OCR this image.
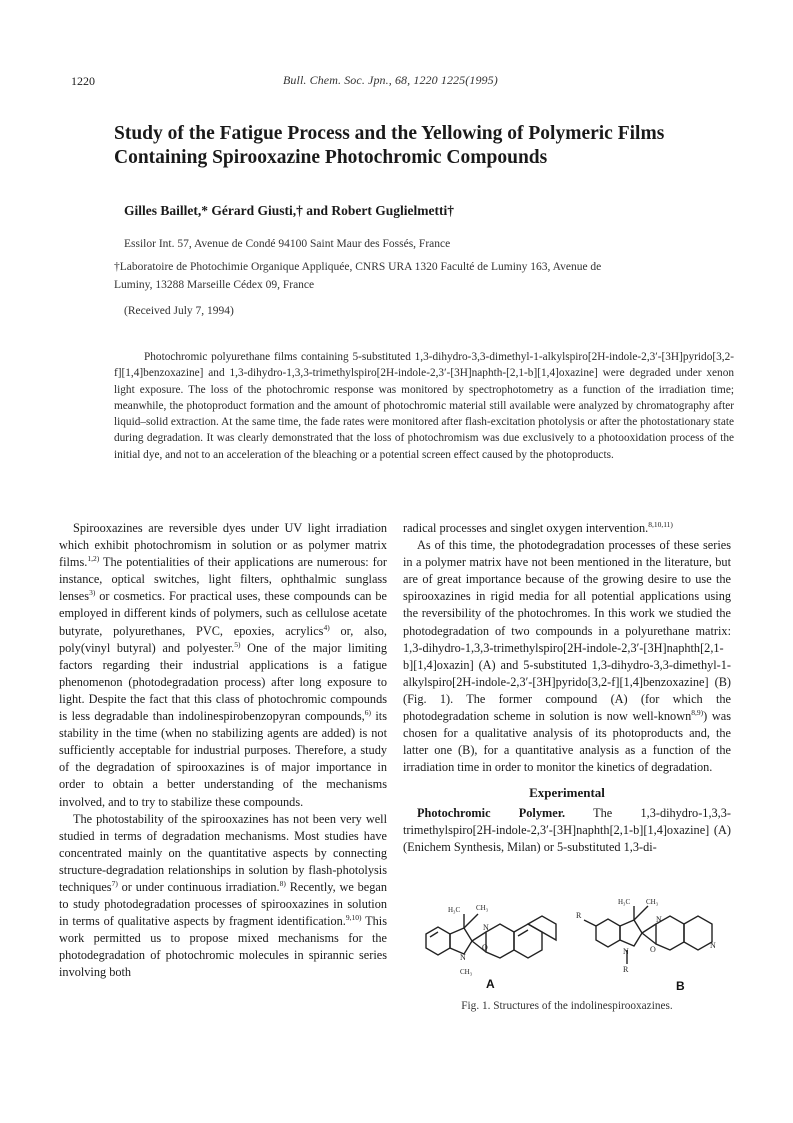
1220	Bull. Chem. Soc. Jpn., 68, 1220 1225(1995)
Study of the Fatigue Process and the Yellowing of Polymeric Films Containing Spirooxazine Photochromic Compounds
Gilles Baillet,* Gérard Giusti,† and Robert Guglielmetti†
Essilor Int. 57, Avenue de Condé 94100 Saint Maur des Fossés, France
†Laboratoire de Photochimie Organique Appliquée, CNRS URA 1320 Faculté de Luminy 163, Avenue de Luminy, 13288 Marseille Cédex 09, France
(Received July 7, 1994)
Photochromic polyurethane films containing 5-substituted 1,3-dihydro-3,3-dimethyl-1-alkylspiro[2H-indole-2,3′-[3H]pyrido[3,2-f][1,4]benzoxazine] and 1,3-dihydro-1,3,3-trimethylspiro[2H-indole-2,3′-[3H]naphth-[2,1-b][1,4]oxazine] were degraded under xenon light exposure. The loss of the photochromic response was monitored by spectrophotometry as a function of the irradiation time; meanwhile, the photoproduct formation and the amount of photochromic material still available were analyzed by chromatography after liquid–solid extraction. At the same time, the fade rates were monitored after flash-excitation photolysis or after the photostationary state during degradation. It was clearly demonstrated that the loss of photochromism was due exclusively to a photooxidation process of the initial dye, and not to an acceleration of the bleaching or a potential screen effect caused by the photoproducts.

Spirooxazines are reversible dyes under UV light irradiation which exhibit photochromism in solution or as polymer matrix films.$^{1,2)}$ The potentialities of their applications are numerous: for instance, optical switches, light filters, ophthalmic sunglass lenses$^{3)}$ or cosmetics. For practical uses, these compounds can be employed in different kinds of polymers, such as cellulose acetate butyrate, polyurethanes, PVC, epoxies, acrylics$^{4)}$ or, also, poly(vinyl butyral) and polyester.$^{5)}$ One of the major limiting factors regarding their industrial applications is a fatigue phenomenon (photodegradation process) after long exposure to light. Despite the fact that this class of photochromic compounds is less degradable than indolinespirobenzopyran compounds,$^{6)}$ its stability in the time (when no stabilizing agents are added) is not sufficiently acceptable for industrial purposes. Therefore, a study of the degradation of spirooxazines is of major importance in order to obtain a better understanding of the mechanisms involved, and to try to stabilize these compounds.

The photostability of the spirooxazines has not been very well studied in terms of degradation mechanisms. Most studies have concentrated mainly on the quantitative aspects by connecting structure-degradation relationships in solution by flash-photolysis techniques$^{7)}$ or under continuous irradiation.$^{8)}$ Recently, we began to study photodegradation processes of spirooxazines in solution in terms of qualitative aspects by fragment identification.$^{9,10)}$ This work permitted us to propose mixed mechanisms for the photodegradation of photochromic molecules in spirannic series involving both

radical processes and singlet oxygen intervention.$^{8,10,11)}$

As of this time, the photodegradation processes of these series in a polymer matrix have not been mentioned in the literature, but are of great importance because of the growing desire to use the spirooxazines in rigid media for all potential applications using the reversibility of the photochromes. In this work we studied the photodegradation of two compounds in a polyurethane matrix: 1,3-dihydro-1,3,3-trimethylspiro[2H-indole-2,3′-[3H]naphth[2,1-b][1,4]oxazin] (A) and 5-substituted 1,3-dihydro-3,3-dimethyl-1-alkylspiro[2H-indole-2,3′-[3H]pyrido[3,2-f][1,4]benzoxazine] (B) (Fig. 1). The former compound (A) (for which the photodegradation scheme in solution is now well-known$^{8,9)}$) was chosen for a qualitative analysis of its photoproducts and, the latter one (B), for a quantitative analysis as a function of the irradiation time in order to monitor the kinetics of degradation.

Experimental

Photochromic Polymer. The 1,3-dihydro-1,3,3-trimethylspiro[2H-indole-2,3′-[3H]naphth[2,1-b][1,4]oxazine] (A) (Enichem Synthesis, Milan) or 5-substituted 1,3-di-

H₃C CH₃
N
CH₃
O
N
R
H₃C CH₃
N
R
O
N
N
A	B
Fig. 1. Structures of the indolinespirooxazines.
